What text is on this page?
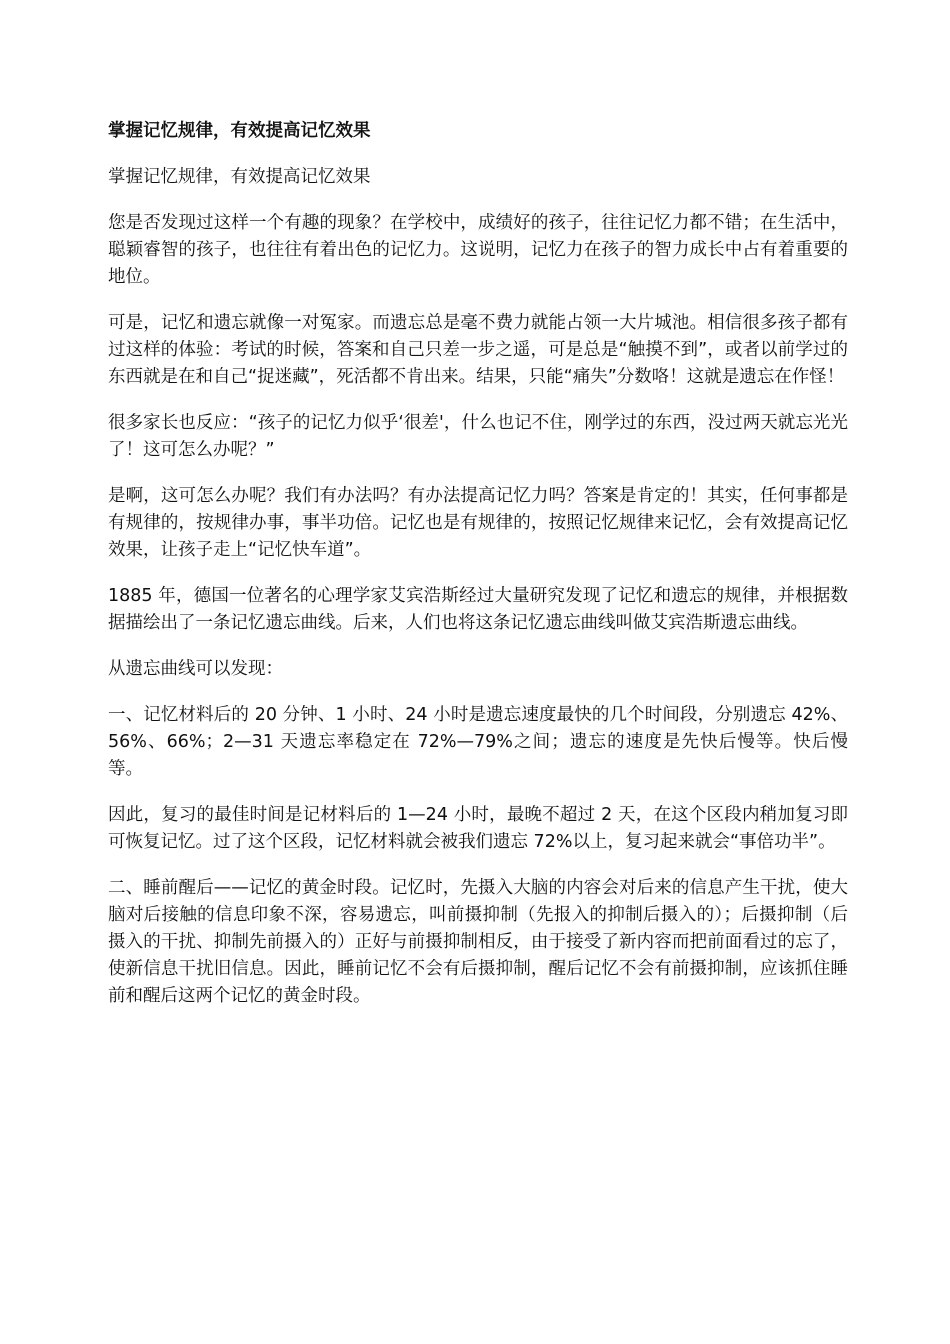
掌握记忆规律，有效提高记忆效果

掌握记忆规律，有效提高记忆效果

您是否发现过这样一个有趣的现象？在学校中，成绩好的孩子，往往记忆力都不错；在生活中，聪颖睿智的孩子，也往往有着出色的记忆力。这说明，记忆力在孩子的智力成长中占有着重要的地位。

可是，记忆和遗忘就像一对冤家。而遗忘总是毫不费力就能占领一大片城池。相信很多孩子都有过这样的体验：考试的时候，答案和自己只差一步之遥，可是总是“触摸不到”，或者以前学过的东西就是在和自己“捉迷藏”，死活都不肯出来。结果，只能“痛失”分数咯！这就是遗忘在作怪！

很多家长也反应：“孩子的记忆力似乎‘很差'，什么也记不住，刚学过的东西，没过两天就忘光光了！这可怎么办呢？”

是啊，这可怎么办呢？我们有办法吗？有办法提高记忆力吗？答案是肯定的！其实，任何事都是有规律的，按规律办事，事半功倍。记忆也是有规律的，按照记忆规律来记忆，会有效提高记忆效果，让孩子走上“记忆快车道”。

1885 年，德国一位著名的心理学家艾宾浩斯经过大量研究发现了记忆和遗忘的规律，并根据数据描绘出了一条记忆遗忘曲线。后来，人们也将这条记忆遗忘曲线叫做艾宾浩斯遗忘曲线。

从遗忘曲线可以发现：

一、记忆材料后的 20 分钟、1 小时、24 小时是遗忘速度最快的几个时间段，分别遗忘 42%、56%、66%；2—31 天遗忘率稳定在 72%—79%之间；遗忘的速度是先快后慢等。快后慢等。

因此，复习的最佳时间是记材料后的 1—24 小时，最晚不超过 2 天，在这个区段内稍加复习即可恢复记忆。过了这个区段，记忆材料就会被我们遗忘 72%以上，复习起来就会“事倍功半”。

二、睡前醒后——记忆的黄金时段。记忆时，先摄入大脑的内容会对后来的信息产生干扰，使大脑对后接触的信息印象不深，容易遗忘，叫前摄抑制（先报入的抑制后摄入的）；后摄抑制（后摄入的干扰、抑制先前摄入的）正好与前摄抑制相反，由于接受了新内容而把前面看过的忘了，使新信息干扰旧信息。因此，睡前记忆不会有后摄抑制，醒后记忆不会有前摄抑制，应该抓住睡前和醒后这两个记忆的黄金时段。
